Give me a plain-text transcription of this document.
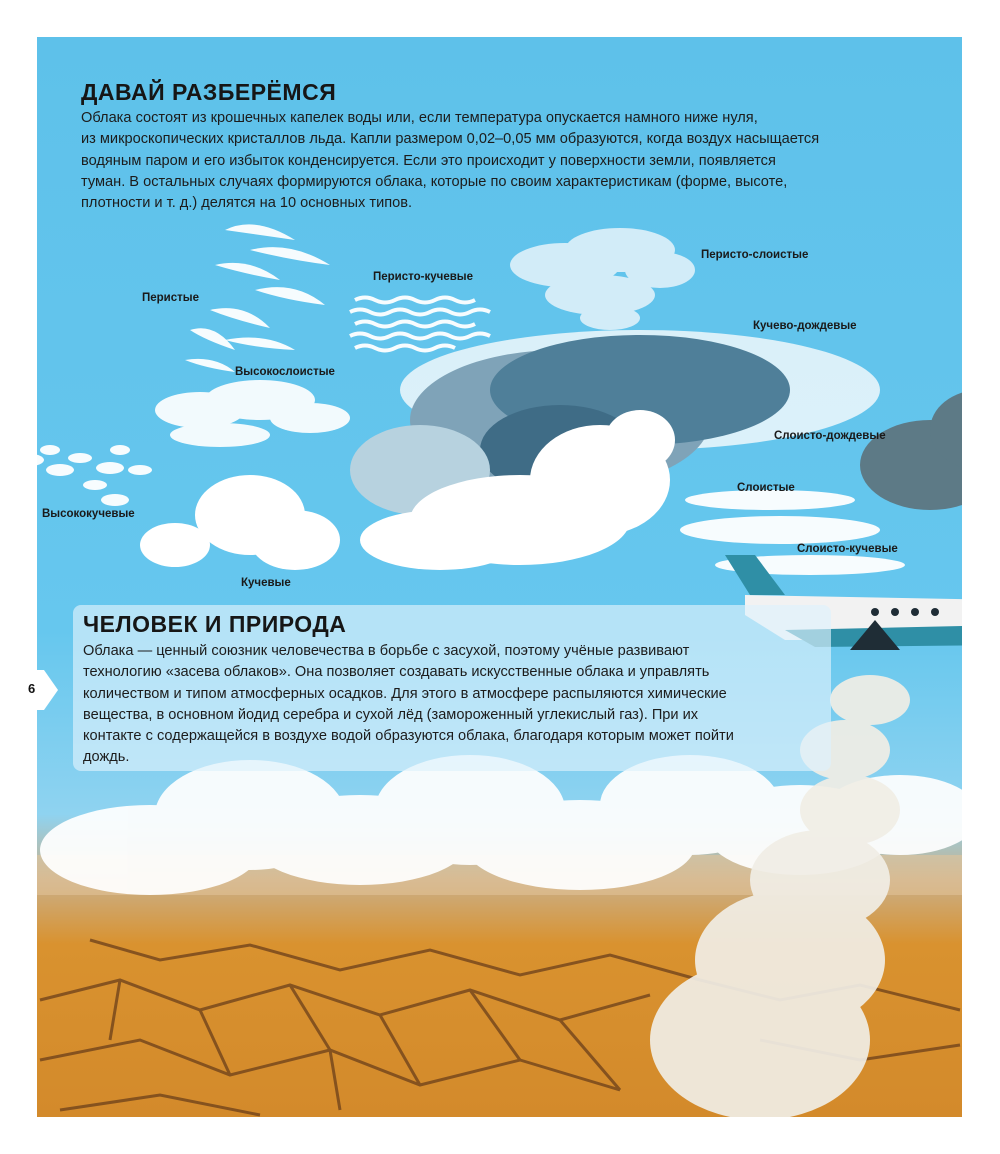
ДАВАЙ РАЗБЕРЁМСЯ

Облака состоят из крошечных капелек воды или, если температура опускается намного ниже нуля,
из микроскопических кристаллов льда. Капли размером 0,02–0,05 мм образуются, когда воздух насыщается
водяным паром и его избыток конденсируется. Если это происходит у поверхности земли, появляется
туман. В остальных случаях формируются облака, которые по своим характеристикам (форме, высоте,
плотности и т. д.) делятся на 10 основных типов.

Перистые
Перисто-кучевые
Перисто-слоистые
Кучево-дождевые
Высокослоистые
Слоисто-дождевые
Слоистые
Высококучевые
Слоисто-кучевые
Кучевые
ЧЕЛОВЕК И ПРИРОДА

Облака — ценный союзник человечества в борьбе с засухой, поэтому учёные развивают
технологию «засева облаков». Она позволяет создавать искусственные облака и управлять
количеством и типом атмосферных осадков. Для этого в атмосфере распыляются химические
вещества, в основном йодид серебра и сухой лёд (замороженный углекислый газ). При их
контакте с содержащейся в воздухе водой образуются облака, благодаря которым может пойти
дождь.

6
